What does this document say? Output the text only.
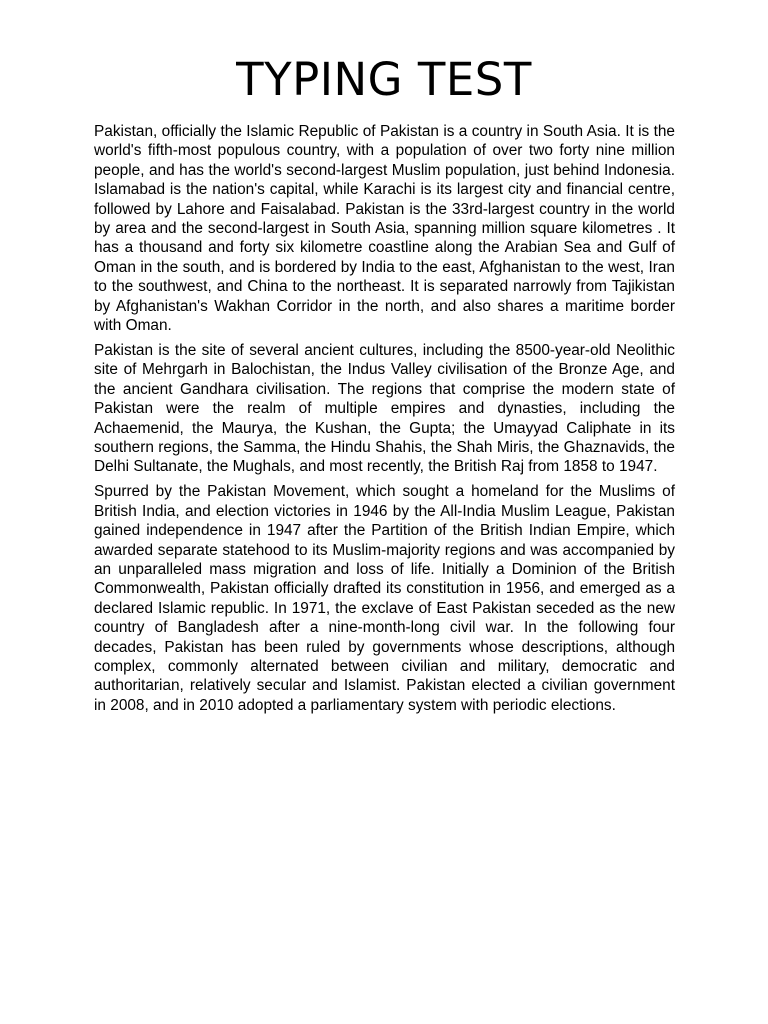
TYPING TEST

Pakistan, officially the Islamic Republic of Pakistan is a country in South Asia. It is the world's fifth-most populous country, with a population of over two forty nine million people, and has the world's second-largest Muslim population, just behind Indonesia. Islamabad is the nation's capital, while Karachi is its largest city and financial centre, followed by Lahore and Faisalabad. Pakistan is the 33rd-largest country in the world by area and the second-largest in South Asia, spanning million square kilometres . It has a thousand and forty six kilometre coastline along the Arabian Sea and Gulf of Oman in the south, and is bordered by India to the east, Afghanistan to the west, Iran to the southwest, and China to the northeast. It is separated narrowly from Tajikistan by Afghanistan's Wakhan Corridor in the north, and also shares a maritime border with Oman.

Pakistan is the site of several ancient cultures, including the 8500-year-old Neolithic site of Mehrgarh in Balochistan, the Indus Valley civilisation of the Bronze Age, and the ancient Gandhara civilisation. The regions that comprise the modern state of Pakistan were the realm of multiple empires and dynasties, including the Achaemenid, the Maurya, the Kushan, the Gupta; the Umayyad Caliphate in its southern regions, the Samma, the Hindu Shahis, the Shah Miris, the Ghaznavids, the Delhi Sultanate, the Mughals, and most recently, the British Raj from 1858 to 1947.

Spurred by the Pakistan Movement, which sought a homeland for the Muslims of British India, and election victories in 1946 by the All-India Muslim League, Pakistan gained independence in 1947 after the Partition of the British Indian Empire, which awarded separate statehood to its Muslim-majority regions and was accompanied by an unparalleled mass migration and loss of life. Initially a Dominion of the British Commonwealth, Pakistan officially drafted its constitution in 1956, and emerged as a declared Islamic republic. In 1971, the exclave of East Pakistan seceded as the new country of Bangladesh after a nine-month-long civil war. In the following four decades, Pakistan has been ruled by governments whose descriptions, although complex, commonly alternated between civilian and military, democratic and authoritarian, relatively secular and Islamist. Pakistan elected a civilian government in 2008, and in 2010 adopted a parliamentary system with periodic elections.
